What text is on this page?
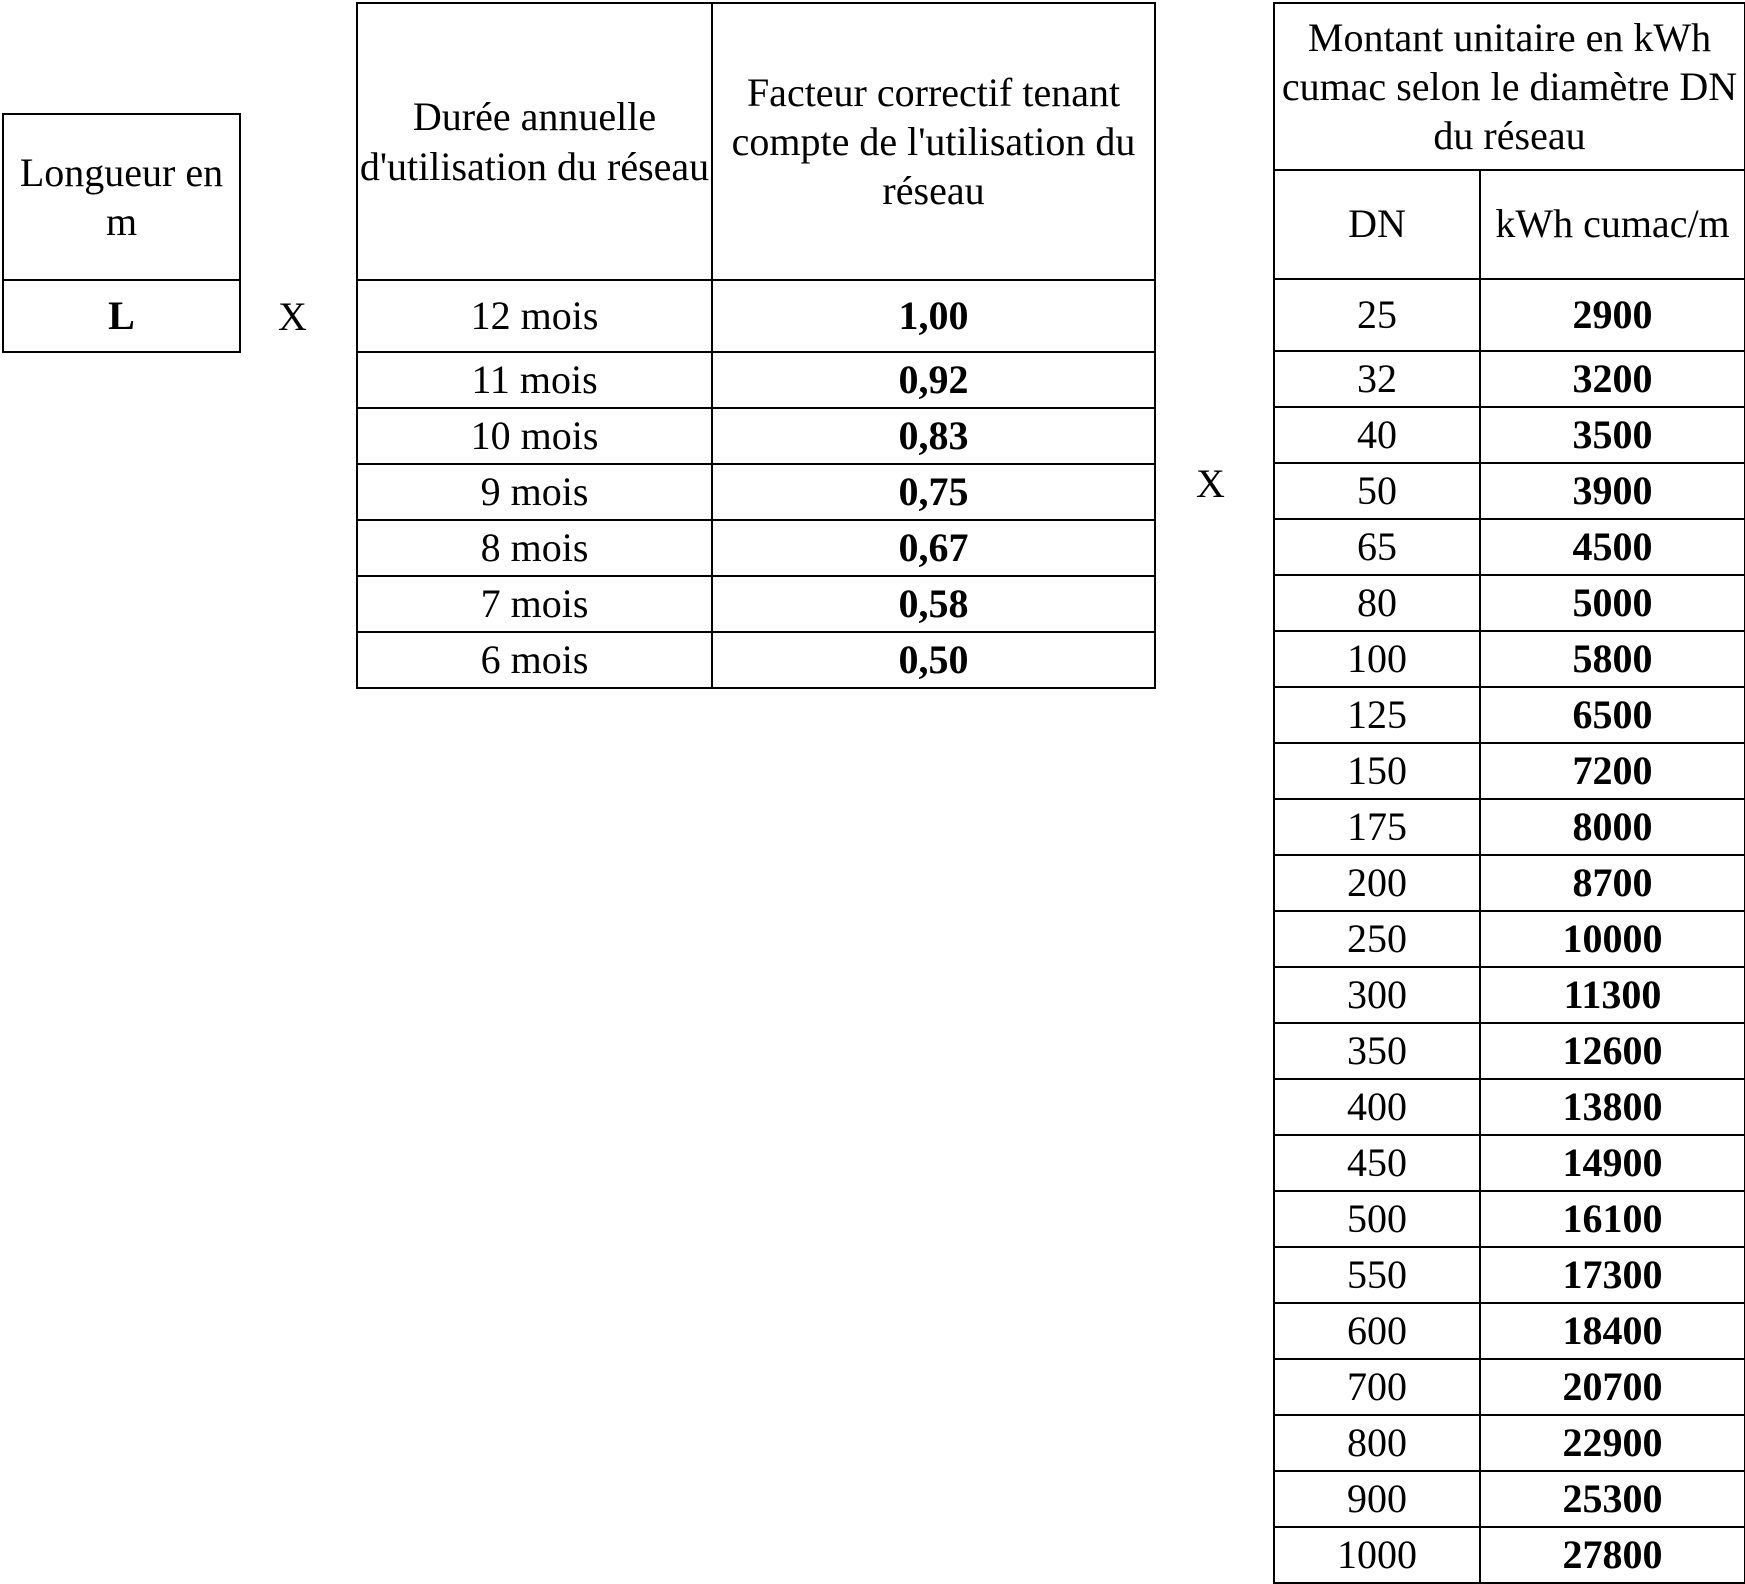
Longueur en m
L	X
Durée annuelle d'utilisation du réseau	Facteur correctif tenant compte de l'utilisation du réseau
12 mois	1,00
11 mois	0,92
10 mois	0,83
9 mois	0,75
8 mois	0,67
7 mois	0,58
6 mois	0,50
X
Montant unitaire en kWh cumac selon le diamètre DN du réseau	
DN	kWh cumac/m
25	2900
32	3200
40	3500
50	3900
65	4500
80	5000
100	5800
125	6500
150	7200
175	8000
200	8700
250	10000
300	11300
350	12600
400	13800
450	14900
500	16100
550	17300
600	18400
700	20700
800	22900
900	25300
1000	27800
